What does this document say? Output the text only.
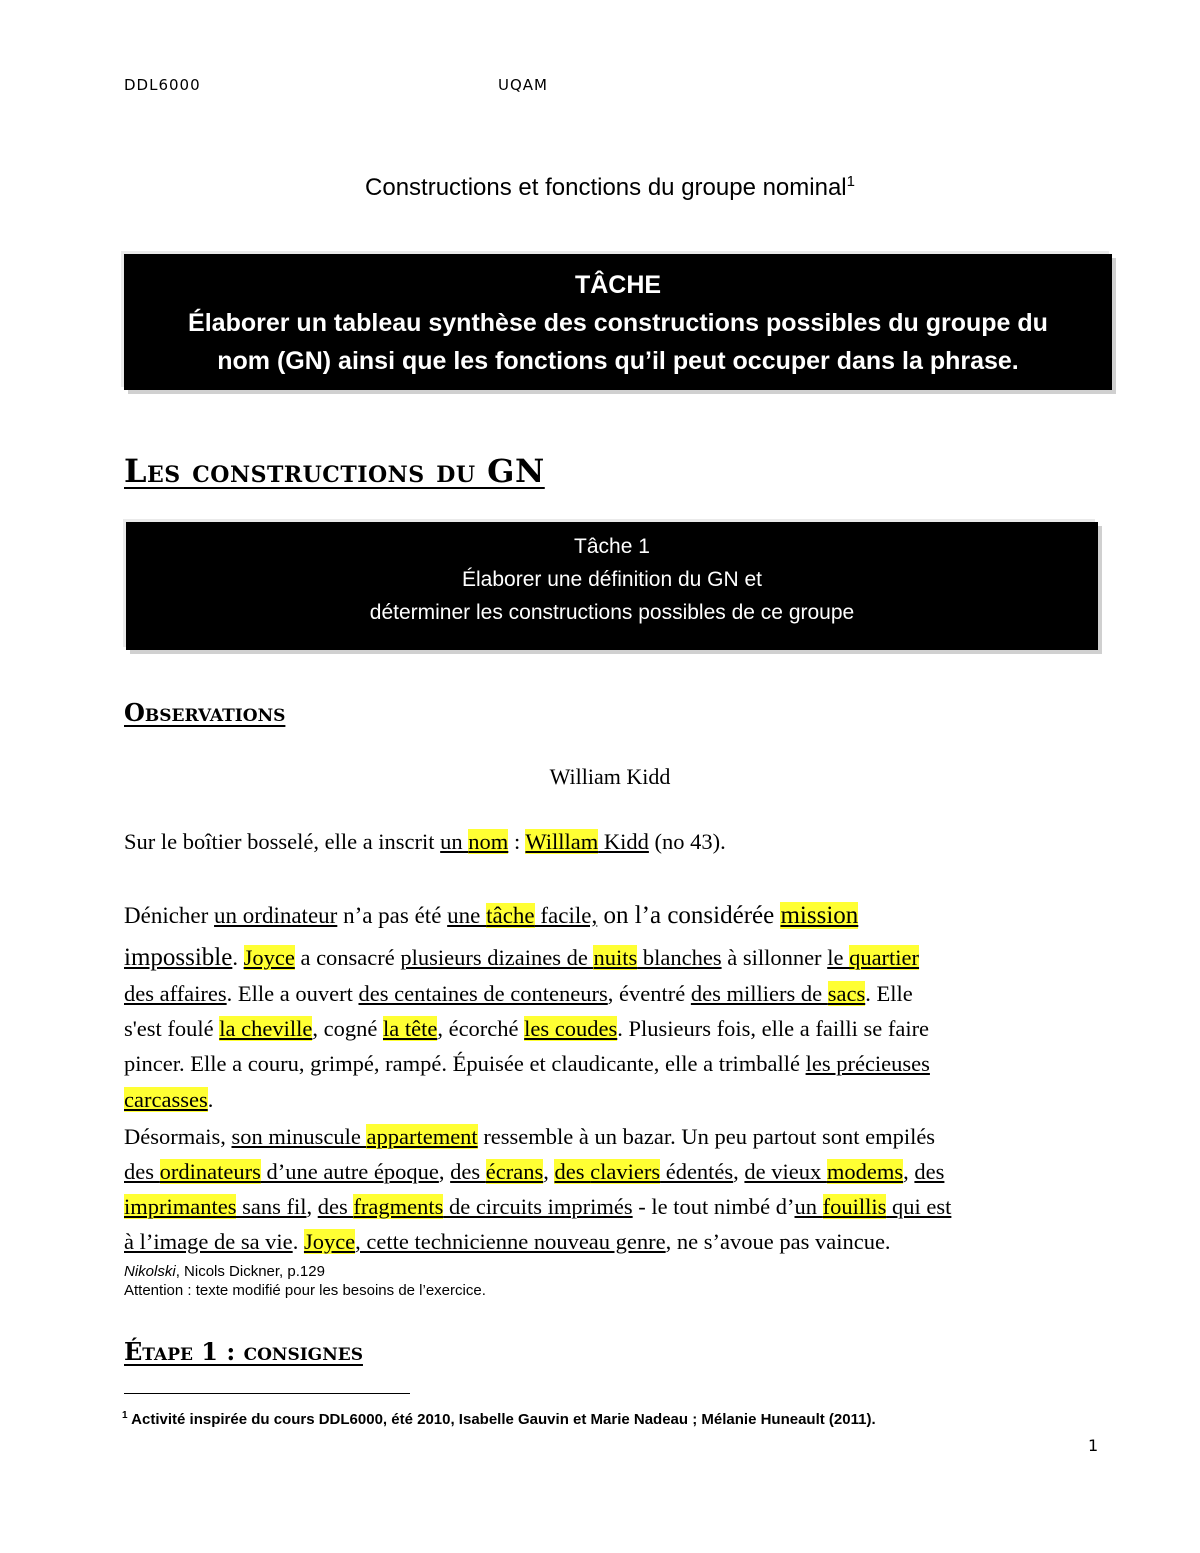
DDL6000	UQAM
Constructions et fonctions du groupe nominal$^1$
TÂCHE
Élaborer un tableau synthèse des constructions possibles du groupe du
nom (GN) ainsi que les fonctions qu’il peut occuper dans la phrase.
Les constructions du GN
Tâche 1
Élaborer une définition du GN et
déterminer les constructions possibles de ce groupe
Observations
William Kidd
Sur le boîtier bosselé, elle a inscrit un nom : Willlam Kidd (no 43).
Dénicher un ordinateur n’a pas été une tâche facile, on l’a considérée mission
impossible. Joyce a consacré plusieurs dizaines de nuits blanches à sillonner le quartier
des affaires. Elle a ouvert des centaines de conteneurs, éventré des milliers de sacs. Elle
s'est foulé la cheville, cogné la tête, écorché les coudes. Plusieurs fois, elle a failli se faire
pincer. Elle a couru, grimpé, rampé. Épuisée et claudicante, elle a trimballé les précieuses
carcasses.
Désormais, son minuscule appartement ressemble à un bazar. Un peu partout sont empilés
des ordinateurs d’une autre époque, des écrans, des claviers édentés, de vieux modems, des
imprimantes sans fil, des fragments de circuits imprimés - le tout nimbé d’un fouillis qui est
à l’image de sa vie. Joyce, cette technicienne nouveau genre, ne s’avoue pas vaincue.
Nikolski, Nicols Dickner, p.129
Attention : texte modifié pour les besoins de l’exercice.
Étape 1 : consignes
$^1$ Activité inspirée du cours DDL6000, été 2010, Isabelle Gauvin et Marie Nadeau ; Mélanie Huneault (2011).
1
